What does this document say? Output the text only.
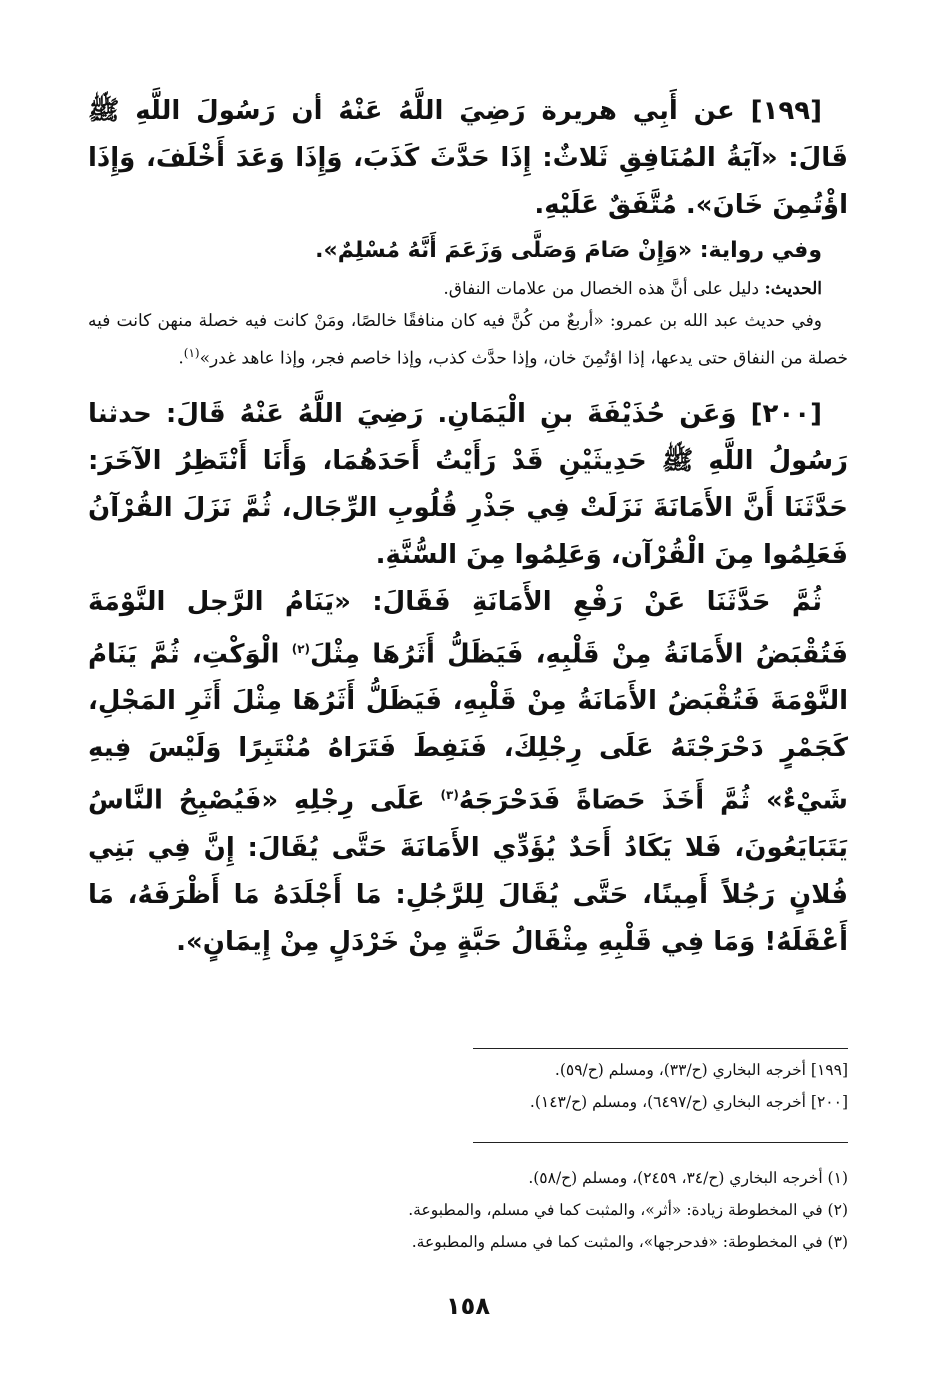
[١٩٩] عن أَبِي هريرة رَضِيَ اللَّهُ عَنْهُ أن رَسُولَ اللَّهِ ﷺ قَالَ: «آيَةُ المُنَافِقِ ثَلاثٌ: إِذَا حَدَّثَ كَذَبَ، وَإِذَا وَعَدَ أَخْلَفَ، وَإِذَا اؤْتُمِنَ خَانَ». مُتَّفَقٌ عَلَيْهِ.

وفي رواية: «وَإِنْ صَامَ وَصَلَّى وَزَعَمَ أَنَّهُ مُسْلِمٌ».

الحديث: دليل على أنَّ هذه الخصال من علامات النفاق.

وفي حديث عبد الله بن عمرو: «أربعٌ من كُنَّ فيه كان منافقًا خالصًا، ومَنْ كانت فيه خصلة منهن كانت فيه خصلة من النفاق حتى يدعها، إذا اؤتُمِنَ خان، وإذا حدَّث كذب، وإذا خاصم فجر، وإذا عاهد غدر»$^{(١)}$.

[٢٠٠] وَعَن حُذَيْفَةَ بنِ الْيَمَانِ. رَضِيَ اللَّهُ عَنْهُ قَالَ: حدثنا رَسُولُ اللَّهِ ﷺ حَدِيثَيْنِ قَدْ رَأَيْتُ أَحَدَهُمَا، وَأَنَا أَنْتَظِرُ الآخَرَ: حَدَّثَنَا أَنَّ الأَمَانَةَ نَزَلَتْ فِي جَذْرِ قُلُوبِ الرِّجَال، ثُمَّ نَزَلَ القُرْآنُ فَعَلِمُوا مِنَ الْقُرْآن، وَعَلِمُوا مِنَ السُّنَّةِ.

ثُمَّ حَدَّثَنَا عَنْ رَفْعِ الأَمَانَةِ فَقَالَ: «يَنَامُ الرَّجل النَّوْمَةَ فَتُقْبَضُ الأَمَانَةُ مِنْ قَلْبِهِ، فَيَظَلُّ أَثَرُهَا مِثْلَ$^{(٢)}$ الْوَكْتِ، ثُمَّ يَنَامُ النَّوْمَةَ فَتُقْبَضُ الأَمَانَةُ مِنْ قَلْبِهِ، فَيَظَلُّ أَثَرُهَا مِثْلَ أَثَرِ المَجْلِ، كَجَمْرٍ دَحْرَجْتَهُ عَلَى رِجْلِكَ، فَنَفِطَ فَتَرَاهُ مُنْتَبِرًا وَلَيْسَ فِيهِ شَيْءٌ» ثُمَّ أَخَذَ حَصَاةً فَدَحْرَجَهُ$^{(٣)}$ عَلَى رِجْلِهِ «فَيُصْبِحُ النَّاسُ يَتَبَايَعُونَ، فَلا يَكَادُ أَحَدٌ يُؤَدِّي الأَمَانَةَ حَتَّى يُقَالَ: إِنَّ فِي بَنِي فُلانٍ رَجُلاً أَمِينًا، حَتَّى يُقَالَ لِلرَّجُلِ: مَا أَجْلَدَهُ مَا أَظْرَفَهُ، مَا أَعْقَلَهُ! وَمَا فِي قَلْبِهِ مِثْقَالُ حَبَّةٍ مِنْ خَرْدَلٍ مِنْ إِيمَانٍ».

[١٩٩] أخرجه البخاري (ح/٣٣)، ومسلم (ح/٥٩).
[٢٠٠] أخرجه البخاري (ح/٦٤٩٧)، ومسلم (ح/١٤٣).
(١) أخرجه البخاري (ح/٣٤، ٢٤٥٩)، ومسلم (ح/٥٨).
(٢) في المخطوطة زيادة: «أثر»، والمثبت كما في مسلم، والمطبوعة.
(٣) في المخطوطة: «فدحرجها»، والمثبت كما في مسلم والمطبوعة.
١٥٨
